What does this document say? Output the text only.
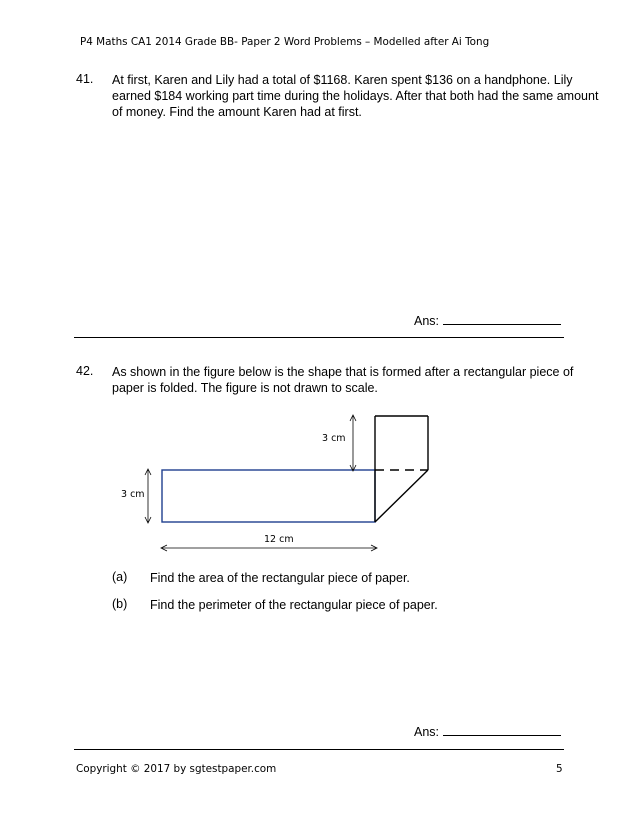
P4 Maths CA1 2014 Grade BB- Paper 2 Word Problems – Modelled after Ai Tong
41. At first, Karen and Lily had a total of $1168. Karen spent $136 on a handphone. Lily
earned $184 working part time during the holidays. After that both had the same amount
of money. Find the amount Karen had at first.
Ans:
42. As shown in the figure below is the shape that is formed after a rectangular piece of
paper is folded. The figure is not drawn to scale.
3 cm
3 cm
12 cm
(a) Find the area of the rectangular piece of paper.
(b) Find the perimeter of the rectangular piece of paper.
Ans:
Copyright © 2017 by sgtestpaper.com	5
